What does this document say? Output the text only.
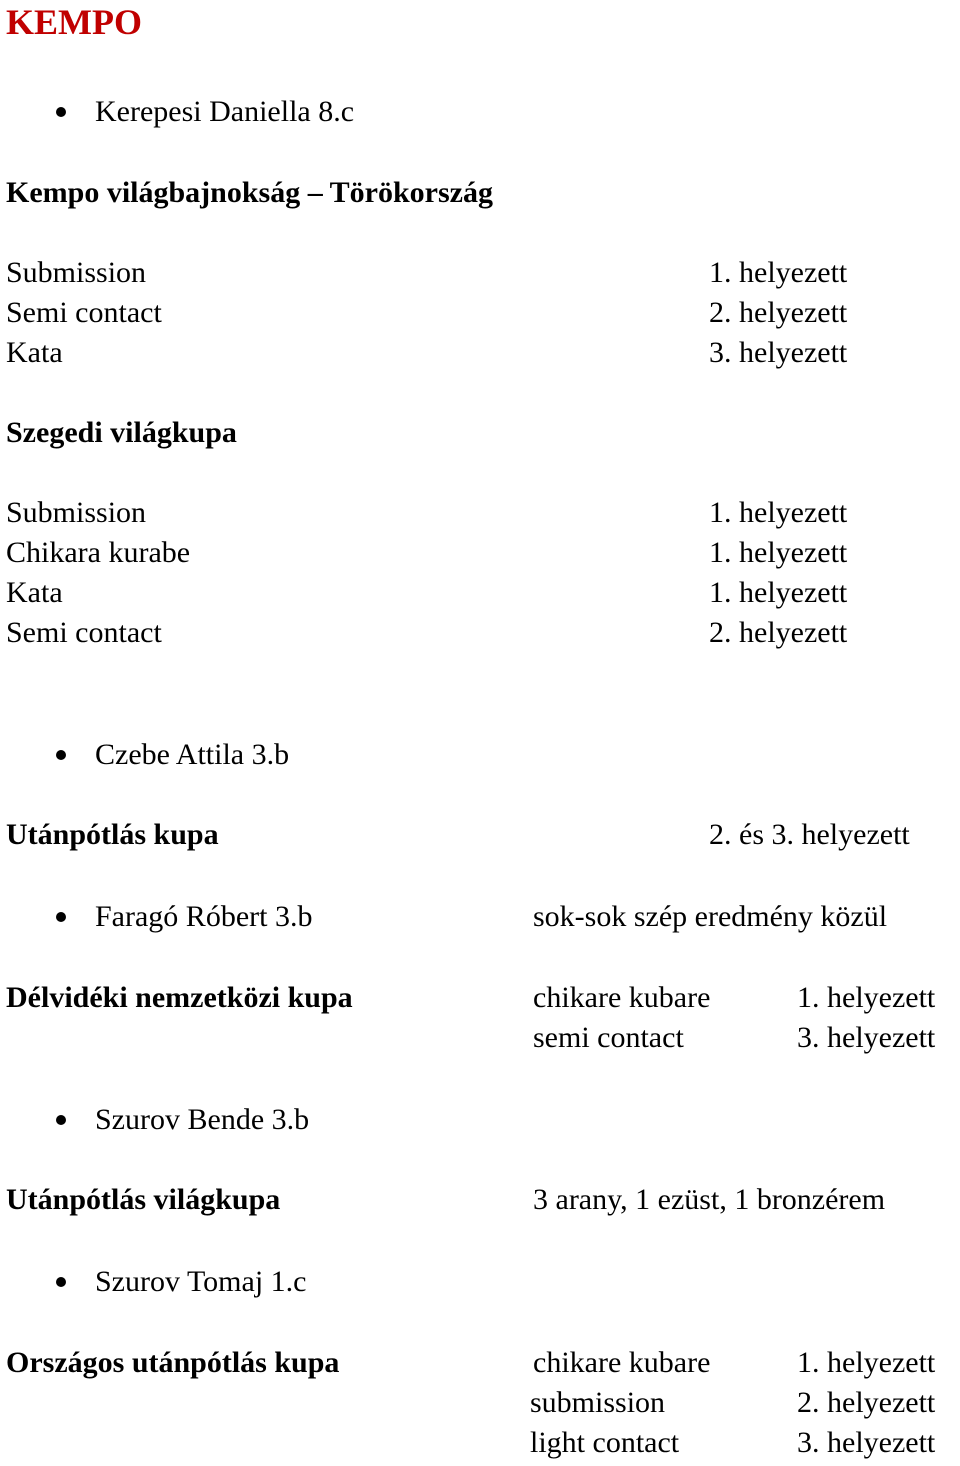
KEMPO
Kerepesi Daniella 8.c
Kempo világbajnokság – Törökország
Submission	1. helyezett
Semi contact	2. helyezett
Kata	3. helyezett
Szegedi világkupa
Submission	1. helyezett
Chikara kurabe	1. helyezett
Kata	1. helyezett
Semi contact	2. helyezett
Czebe Attila 3.b
Utánpótlás kupa	2. és 3. helyezett
Faragó Róbert 3.b	sok-sok szép eredmény közül
Délvidéki nemzetközi kupa	chikare kubare	1. helyezett
semi contact	3. helyezett
Szurov Bende 3.b
Utánpótlás világkupa	3 arany, 1 ezüst, 1 bronzérem
Szurov Tomaj 1.c
Országos utánpótlás kupa	chikare kubare	1. helyezett
submission	2. helyezett
light contact	3. helyezett
